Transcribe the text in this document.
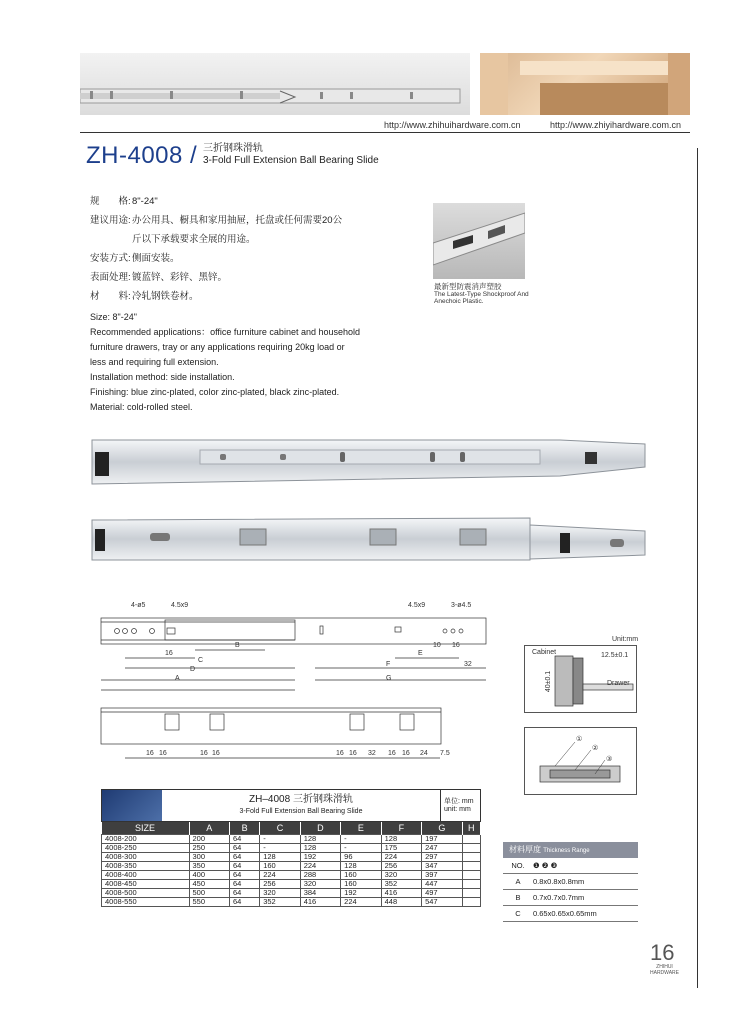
http://www.zhihuihardware.com.cn	http://www.zhiyihardware.com.cn
ZH-4008 / 三折钢珠滑轨
3-Fold Full Extension Ball Bearing Slide
规　　格: 8"-24"
建议用途: 办公用具、橱具和家用抽屉，托盘或任何需要20公
斤以下承载要求全展的用途。
安装方式: 侧面安装。
表面处理: 镀蓝锌、彩锌、黑锌。
材　　料: 冷轧钢铁卷材。
Size: 8"-24"
Recommended applications：office furniture cabinet and household
furniture drawers, tray or any applications requiring 20kg load or
less and requiring full extension.
Installation method: side installation.
Finishing: blue zinc-plated, color zinc-plated, black zinc-plated.
Material: cold-rolled steel.
最新型防震消声塑胶
The Latest-Type Shockproof And
Anechoic Plastic.
4-ø5	4.5x9	4.5x9	3-ø4.5
16
B
C
D
A
10 16
E
F
G
32
16 16	16 16	16 16 32 16 16 24 7.5
Unit:mm
Cabinet	12.5±0.1
40±0.1	Drawer
①
②
③
ZH–4008 三折钢珠滑轨
3-Fold Full Extension Ball Bearing Slide
单位: mm
unit: mm
SIZE	A	B	C	D	E	F	G	H
4008-200	200	64	-	128	-	128	197	
4008-250	250	64	-	128	-	175	247	
4008-300	300	64	128	192	96	224	297	
4008-350	350	64	160	224	128	256	347	
4008-400	400	64	224	288	160	320	397	
4008-450	450	64	256	320	160	352	447	
4008-500	500	64	320	384	192	416	497	
4008-550	550	64	352	416	224	448	547	
材料厚度 Thickness Range
NO.	❶ ❷ ❸
A	0.8x0.8x0.8mm
B	0.7x0.7x0.7mm
C	0.65x0.65x0.65mm
16
ZHIHUI
HARDWARE
